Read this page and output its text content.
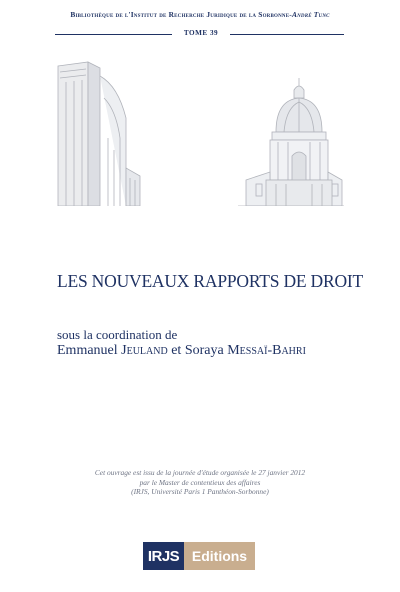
Bibliothèque de l'Institut de Recherche Juridique de la Sorbonne-André Tunc
TOME 39
LES NOUVEAUX RAPPORTS DE DROIT
sous la coordination de
Emmanuel Jeuland et Soraya Messaï-Bahri
Cet ouvrage est issu de la journée d'étude organisée le 27 janvier 2012
par le Master de contentieux des affaires
(IRJS, Université Paris 1 Panthéon-Sorbonne)
IRJS Editions
